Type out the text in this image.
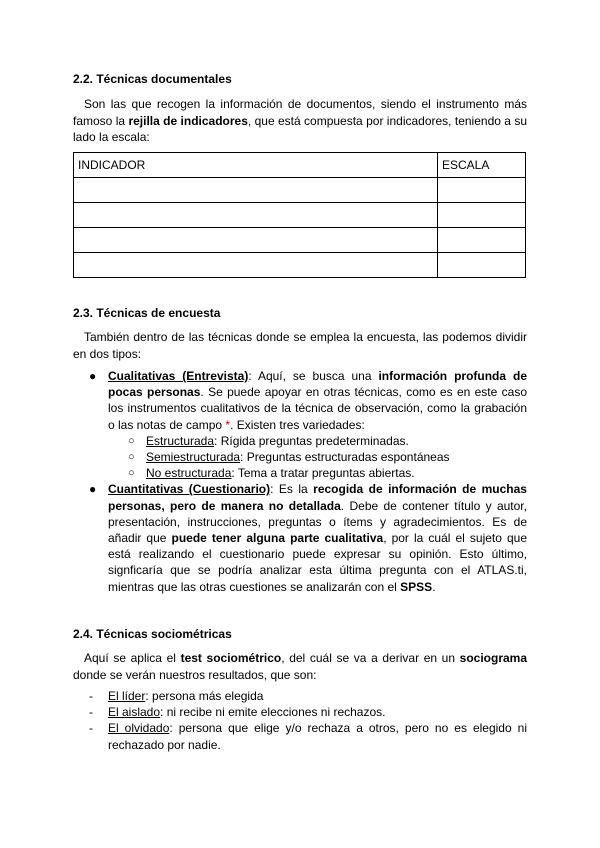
2.2. Técnicas documentales

Son las que recogen la información de documentos, siendo el instrumento más famoso la rejilla de indicadores, que está compuesta por indicadores, teniendo a su lado la escala:

INDICADOR	ESCALA

2.3. Técnicas de encuesta

También dentro de las técnicas donde se emplea la encuesta, las podemos dividir en dos tipos:

● Cualitativas (Entrevista): Aquí, se busca una información profunda de pocas personas. Se puede apoyar en otras técnicas, como es en este caso los instrumentos cualitativos de la técnica de observación, como la grabación o las notas de campo *. Existen tres variedades:
○ Estructurada: Rígida preguntas predeterminadas.
○ Semiestructurada: Preguntas estructuradas espontáneas
○ No estructurada: Tema a tratar preguntas abiertas.
● Cuantitativas (Cuestionario): Es la recogida de información de muchas personas, pero de manera no detallada. Debe de contener título y autor, presentación, instrucciones, preguntas o ítems y agradecimientos. Es de añadir que puede tener alguna parte cualitativa, por la cuál el sujeto que está realizando el cuestionario puede expresar su opinión. Esto último, signficaría que se podría analizar esta última pregunta con el ATLAS.ti, mientras que las otras cuestiones se analizarán con el SPSS.
2.4. Técnicas sociométricas

Aquí se aplica el test sociométrico, del cuál se va a derivar en un sociograma donde se verán nuestros resultados, que son:

- El líder: persona más elegida
- El aislado: ni recibe ni emite elecciones ni rechazos.
- El olvidado: persona que elige y/o rechaza a otros, pero no es elegido ni rechazado por nadie.
